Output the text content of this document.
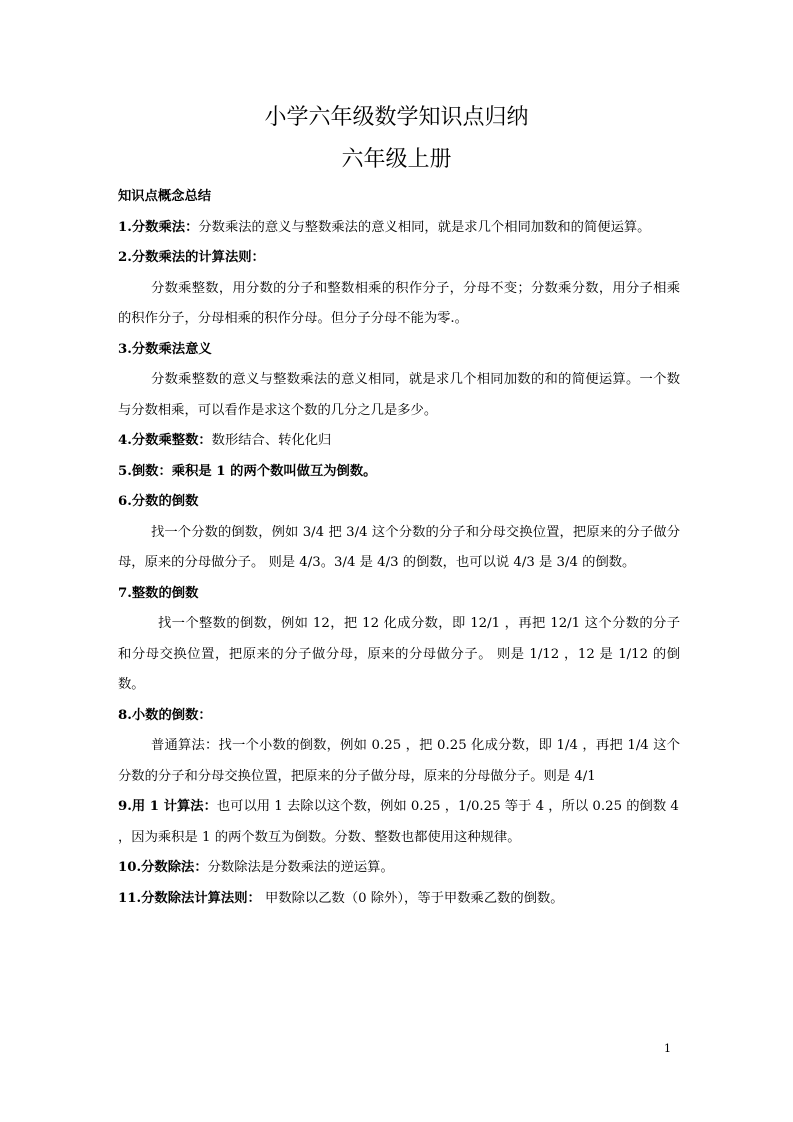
小学六年级数学知识点归纳
六年级上册

知识点概念总结

1.分数乘法：分数乘法的意义与整数乘法的意义相同，就是求几个相同加数和的简便运算。

2.分数乘法的计算法则：

分数乘整数，用分数的分子和整数相乘的积作分子，分母不变；分数乘分数，用分子相乘的积作分子，分母相乘的积作分母。但分子分母不能为零.。

3.分数乘法意义

分数乘整数的意义与整数乘法的意义相同，就是求几个相同加数的和的简便运算。一个数与分数相乘，可以看作是求这个数的几分之几是多少。

4.分数乘整数：数形结合、转化化归

5.倒数：乘积是 1 的两个数叫做互为倒数。

6.分数的倒数

找一个分数的倒数，例如 3/4 把 3/4 这个分数的分子和分母交换位置，把原来的分子做分母，原来的分母做分子。 则是 4/3。3/4 是 4/3 的倒数，也可以说 4/3 是 3/4 的倒数。

7.整数的倒数

找一个整数的倒数，例如 12，把 12 化成分数，即 12/1 ，再把 12/1 这个分数的分子和分母交换位置，把原来的分子做分母，原来的分母做分子。 则是 1/12 ，12 是 1/12 的倒数。

8.小数的倒数：

普通算法：找一个小数的倒数，例如 0.25 ，把 0.25 化成分数，即 1/4 ，再把 1/4 这个分数的分子和分母交换位置，把原来的分子做分母，原来的分母做分子。则是 4/1

9.用 1 计算法：也可以用 1 去除以这个数，例如 0.25 ，1/0.25 等于 4 ，所以 0.25 的倒数 4 ，因为乘积是 1 的两个数互为倒数。分数、整数也都使用这种规律。

10.分数除法：分数除法是分数乘法的逆运算。

11.分数除法计算法则： 甲数除以乙数（0 除外），等于甲数乘乙数的倒数。

1
